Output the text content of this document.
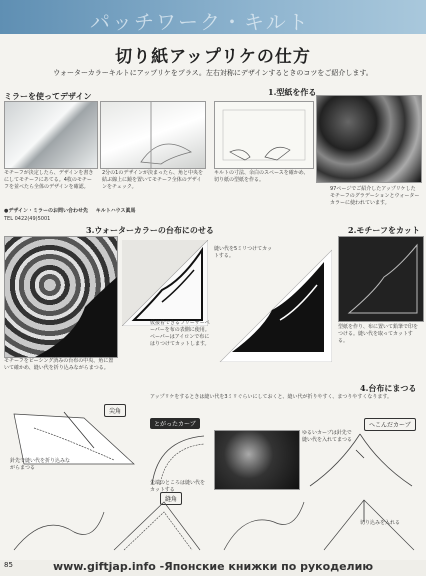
パッチワーク・キルト
切り紙アップリケの仕方
ウォーターカラーキルトにアップリケをプラス。左右対称にデザインするときのコツをご紹介します。
ミラーを使ってデザイン
モチーフが決定したら、デザインを書きにしてモチーフにあてる。4枚のモチーフを並べたら全体のデザインを確認。
2分の1のデザインが決まったら、角と中央を結ぶ線上に鏡を置いてモチーフ全体のデザインをチェック。
●デザイン・ミラーのお問い合わせ先 キルトハウス眞馬
TEL 0422(49)5001
1.型紙を作る
キルトの寸法、余白のスペースを確かめ、切り紙の型紙を作る。
97ページでご紹介したアップリケしたモチーフのグラデーションとウォーターカラーに使われています。
3.ウォーターカラーの台布にのせる
モチーフをピーシング済みの台布の中央、角に置いて確かめ、縫い代を折り込みながらまつる。
仮接着できるフリーザーペーパーを布の表側に使用。ペーパーはアイロンで布にはりつけてカットします。
縫い代を5ミリつけてカットする。
2.モチーフをカット
型紙を作り、布に置いて鉛筆で印をつける。縫い代を取ってカットする。
4.台布にまつる
アップリケをするときは縫い代を3ミリぐらいにしておくと、縫い代が折りやすく、まつりやすくなります。
尖角
とがったカーブ	へこんだカーブ
針先で縫い代を折り込みながらまつる
先端のところは縫い代をカットする
ゆるいカーブは針先で縫い代を入れてまつる
縫角
切り込みを入れる
85	www.giftjap.info -Японские книжки по рукоделию
